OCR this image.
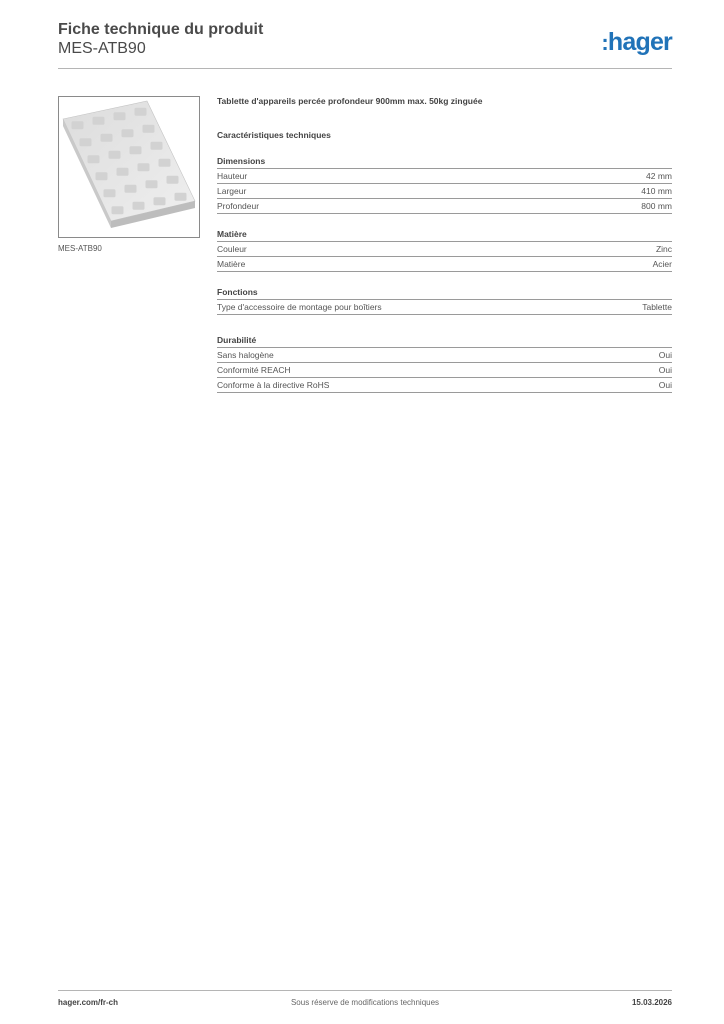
Fiche technique du produit
MES-ATB90	:hager
MES-ATB90
Tablette d'appareils percée profondeur 900mm max. 50kg zinguée
Caractéristiques techniques
Dimensions
Hauteur	42 mm
Largeur	410 mm
Profondeur	800 mm
Matière
Couleur	Zinc
Matière	Acier
Fonctions
Type d'accessoire de montage pour boîtiers	Tablette
Durabilité
Sans halogène	Oui
Conformité REACH	Oui
Conforme à la directive RoHS	Oui
hager.com/fr-ch	Sous réserve de modifications techniques	15.03.2026
